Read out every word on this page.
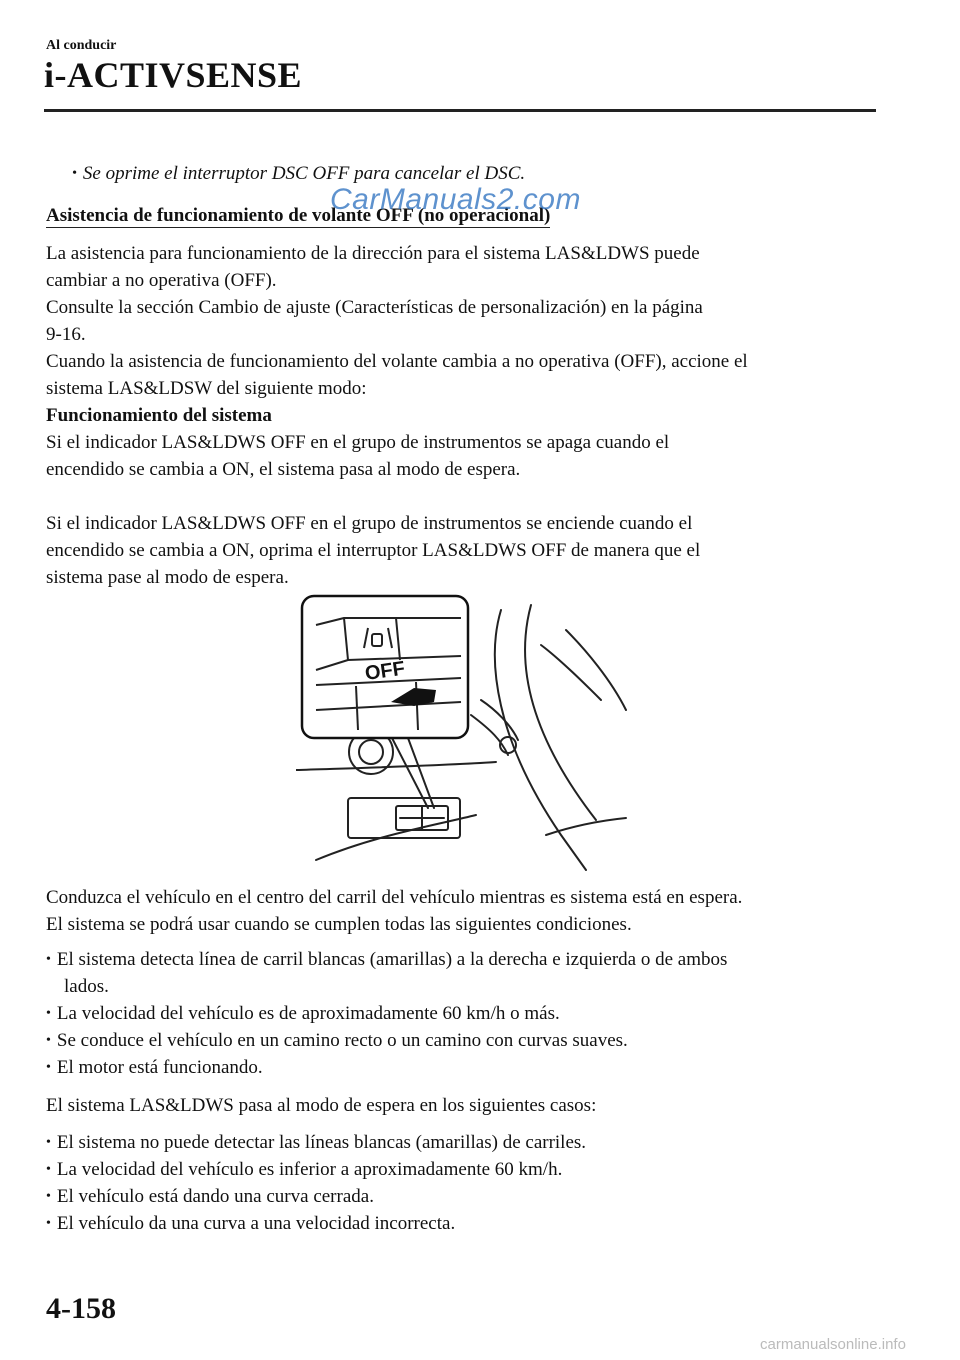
Al conducir
i-ACTIVSENSE
• Se oprime el interruptor DSC OFF para cancelar el DSC.
Asistencia de funcionamiento de volante OFF (no operacional)
CarManuals2.com
La asistencia para funcionamiento de la dirección para el sistema LAS&LDWS puede
cambiar a no operativa (OFF).
Consulte la sección Cambio de ajuste (Características de personalización) en la página
9-16.
Cuando la asistencia de funcionamiento del volante cambia a no operativa (OFF), accione el
sistema LAS&LDSW del siguiente modo:
Funcionamiento del sistema
Si el indicador LAS&LDWS OFF en el grupo de instrumentos se apaga cuando el
encendido se cambia a ON, el sistema pasa al modo de espera.
Si el indicador LAS&LDWS OFF en el grupo de instrumentos se enciende cuando el
encendido se cambia a ON, oprima el interruptor LAS&LDWS OFF de manera que el
sistema pase al modo de espera.
OFF
Conduzca el vehículo en el centro del carril del vehículo mientras es sistema está en espera.
El sistema se podrá usar cuando se cumplen todas las siguientes condiciones.
• El sistema detecta línea de carril blancas (amarillas) a la derecha e izquierda o de ambos
lados.
• La velocidad del vehículo es de aproximadamente 60 km/h o más.
• Se conduce el vehículo en un camino recto o un camino con curvas suaves.
• El motor está funcionando.
El sistema LAS&LDWS pasa al modo de espera en los siguientes casos:
• El sistema no puede detectar las líneas blancas (amarillas) de carriles.
• La velocidad del vehículo es inferior a aproximadamente 60 km/h.
• El vehículo está dando una curva cerrada.
• El vehículo da una curva a una velocidad incorrecta.
4-158
carmanualsonline.info
